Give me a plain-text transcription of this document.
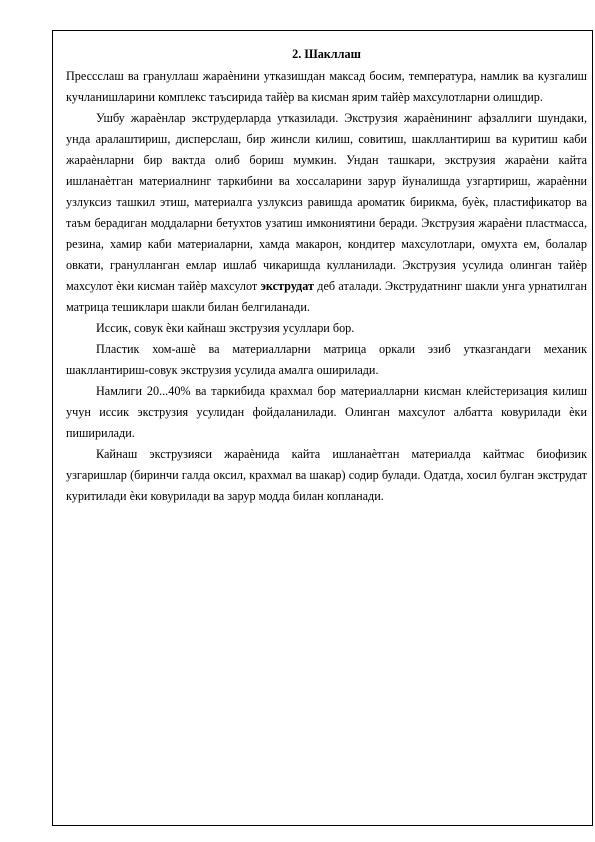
2. Шакллаш

Прессслаш ва грануллаш жараѐнини утказишдан максад босим, температура, намлик ва кузгалиш кучланишларини комплекс таъсирида тайѐр ва кисман ярим тайѐр махсулотларни олишдир.

Ушбу жараѐнлар экструдерларда утказилади. Экструзия жараѐнининг афзаллиги шундаки, унда аралаштириш, дисперслаш, бир жинсли килиш, совитиш, шакллантириш ва куритиш каби жараѐнларни бир вактда олиб бориш мумкин. Ундан ташкари, экструзия жараѐни кайта ишланаѐтган материалнинг таркибини ва хоссаларини зарур йуналишда узгартириш, жараѐнни узлуксиз ташкил этиш, материалга узлуксиз равишда ароматик бирикма, буѐк, пластификатор ва таъм берадиган моддаларни бетухтов узатиш имкониятини беради. Экструзия жараѐни пластмасса, резина, хамир каби материаларни, хамда макарон, кондитер махсулотлари, омухта ем, болалар овкати, гранулланган емлар ишлаб чикаришда кулланилади. Экструзия усулида олинган тайѐр махсулот ѐки кисман тайѐр махсулот экструдат деб аталади. Экструдатнинг шакли унга урнатилган матрица тешиклари шакли билан белгиланади.

Иссик, совук ѐки кайнаш экструзия усуллари бор.

Пластик хом-ашѐ ва материалларни матрица оркали эзиб утказгандаги механик шакллантириш-совук экструзия усулида амалга оширилади.

Намлиги 20...40% ва таркибида крахмал бор материалларни кисман клейстеризация килиш учун иссик экструзия усулидан фойдаланилади. Олинган махсулот албатта ковурилади ѐки пиширилади.

Кайнаш экструзияси жараѐнида кайта ишланаѐтган материалда кайтмас биофизик узгаришлар (биринчи галда оксил, крахмал ва шакар) содир булади. Одатда, хосил булган экструдат куритилади ѐки ковурилади ва зарур модда билан копланади.
